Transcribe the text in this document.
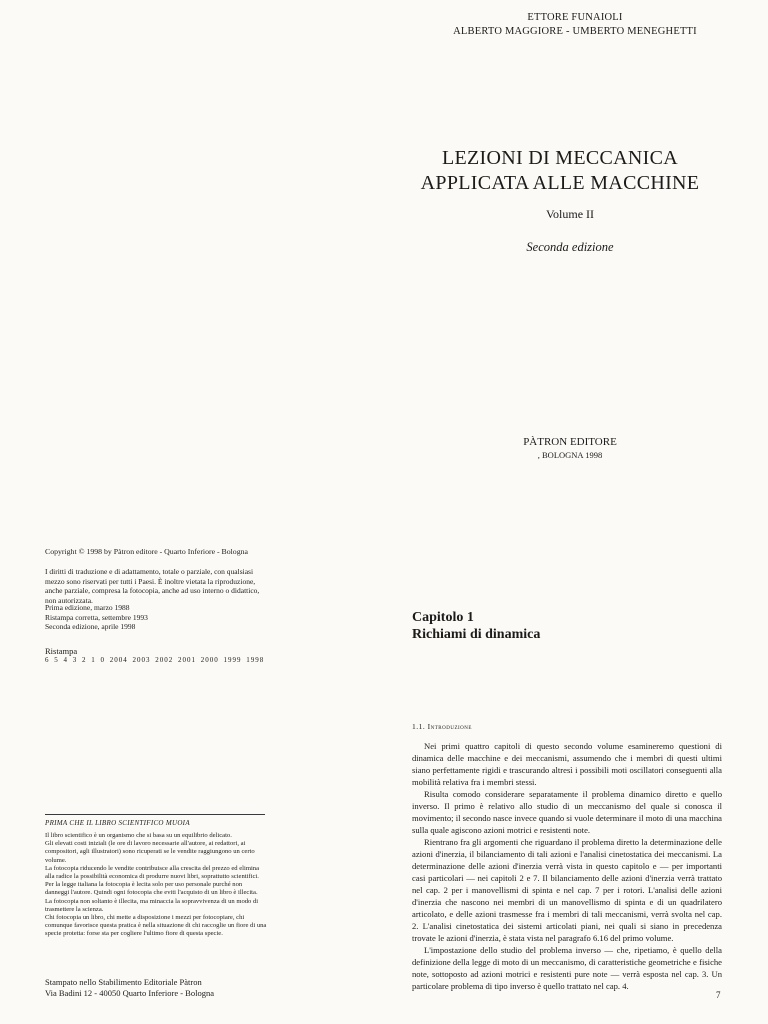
ETTORE FUNAIOLI
ALBERTO MAGGIORE - UMBERTO MENEGHETTI
LEZIONI DI MECCANICA
APPLICATA ALLE MACCHINE
Volume II
Seconda edizione
PÀTRON EDITORE
, BOLOGNA 1998
Copyright © 1998 by Pàtron editore - Quarto Inferiore - Bologna
I diritti di traduzione e di adattamento, totale o parziale, con qualsiasi mezzo sono riservati per tutti i Paesi. È inoltre vietata la riproduzione, anche parziale, compresa la fotocopia, anche ad uso interno o didattico, non autorizzata.
Prima edizione, marzo 1988
Ristampa corretta, settembre 1993
Seconda edizione, aprile 1998
Ristampa
6 5 4 3 2 1 0 2004 2003 2002 2001 2000 1999 1998
PRIMA CHE IL LIBRO SCIENTIFICO MUOIA

Il libro scientifico è un organismo che si basa su un equilibrio delicato.

Gli elevati costi iniziali (le ore di lavoro necessarie all'autore, ai redattori, ai compositori, agli illustratori) sono ricuperati se le vendite raggiungono un certo volume.

La fotocopia riducendo le vendite contribuisce alla crescita del prezzo ed elimina alla radice la possibilità economica di produrre nuovi libri, soprattutto scientifici.

Per la legge italiana la fotocopia è lecita solo per uso personale purché non danneggi l'autore. Quindi ogni fotocopia che eviti l'acquisto di un libro è illecita.

La fotocopia non soltanto è illecita, ma minaccia la sopravvivenza di un modo di trasmettere la scienza.

Chi fotocopia un libro, chi mette a disposizione i mezzi per fotocopiare, chi comunque favorisce questa pratica è nella situazione di chi raccoglie un fiore di una specie protetta: forse sta per cogliere l'ultimo fiore di questa specie.

Stampato nello Stabilimento Editoriale Pàtron
Via Badini 12 - 40050 Quarto Inferiore - Bologna
Capitolo 1
Richiami di dinamica
1.1. Introduzione

Nei primi quattro capitoli di questo secondo volume esamineremo questioni di dinamica delle macchine e dei meccanismi, assumendo che i membri di questi ultimi siano perfettamente rigidi e trascurando altresì i possibili moti oscillatori conseguenti alla mobilità relativa fra i membri stessi.

Risulta comodo considerare separatamente il problema dinamico diretto e quello inverso. Il primo è relativo allo studio di un meccanismo del quale si conosca il movimento; il secondo nasce invece quando si vuole determinare il moto di una macchina sulla quale agiscono azioni motrici e resistenti note.

Rientrano fra gli argomenti che riguardano il problema diretto la determinazione delle azioni d'inerzia, il bilanciamento di tali azioni e l'analisi cinetostatica dei meccanismi. La determinazione delle azioni d'inerzia verrà vista in questo capitolo e — per importanti casi particolari — nei capitoli 2 e 7. Il bilanciamento delle azioni d'inerzia verrà trattato nel cap. 2 per i manovellismi di spinta e nel cap. 7 per i rotori. L'analisi delle azioni d'inerzia che nascono nei membri di un manovellismo di spinta e di un quadrilatero articolato, e delle azioni trasmesse fra i membri di tali meccanismi, verrà svolta nel cap. 2. L'analisi cinetostatica dei sistemi articolati piani, nei quali si siano in precedenza trovate le azioni d'inerzia, è stata vista nel paragrafo 6.16 del primo volume.

L'impostazione dello studio del problema inverso — che, ripetiamo, è quello della definizione della legge di moto di un meccanismo, di caratteristiche geometriche e fisiche note, sottoposto ad azioni motrici e resistenti pure note — verrà esposta nel cap. 3. Un particolare problema di tipo inverso è quello trattato nel cap. 4.

7
